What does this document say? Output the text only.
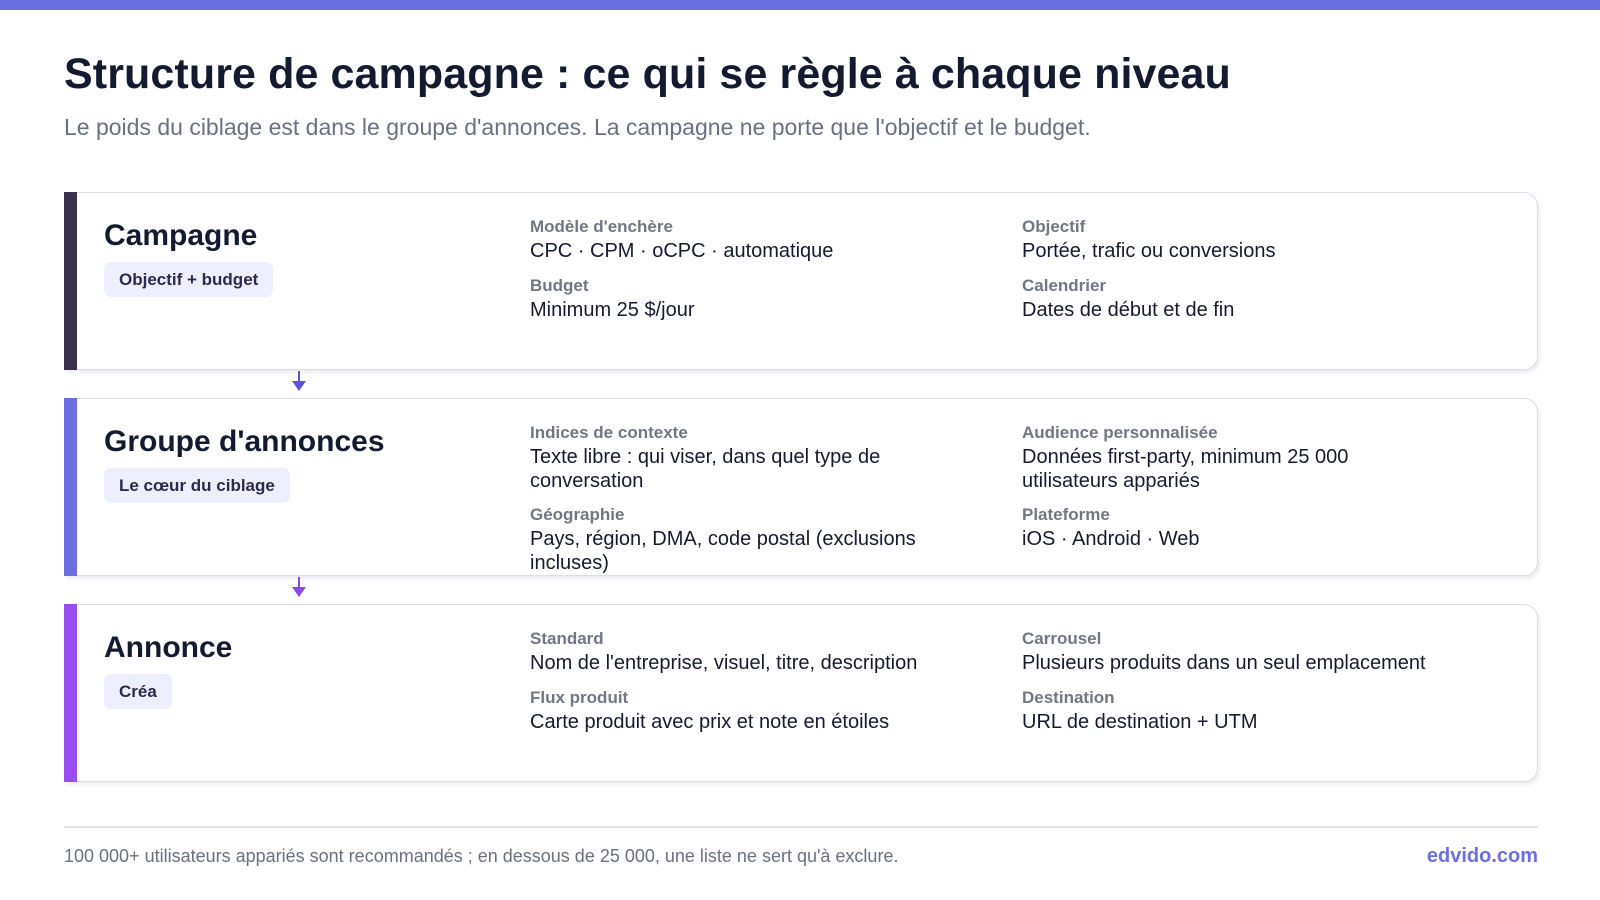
Structure de campagne : ce qui se règle à chaque niveau

Le poids du ciblage est dans le groupe d'annonces. La campagne ne porte que l'objectif et le budget.

Campagne
Objectif + budget
Modèle d'enchère
CPC · CPM · oCPC · automatique
Objectif
Portée, trafic ou conversions
Budget
Minimum 25 $/jour
Calendrier
Dates de début et de fin
Groupe d'annonces
Le cœur du ciblage
Indices de contexte
Texte libre : qui viser, dans quel type de conversation
Audience personnalisée
Données first-party, minimum 25 000 utilisateurs appariés
Géographie
Pays, région, DMA, code postal (exclusions incluses)
Plateforme
iOS · Android · Web
Annonce
Créa
Standard
Nom de l'entreprise, visuel, titre, description
Carrousel
Plusieurs produits dans un seul emplacement
Flux produit
Carte produit avec prix et note en étoiles
Destination
URL de destination + UTM
100 000+ utilisateurs appariés sont recommandés ; en dessous de 25 000, une liste ne sert qu'à exclure.	edvido.com
